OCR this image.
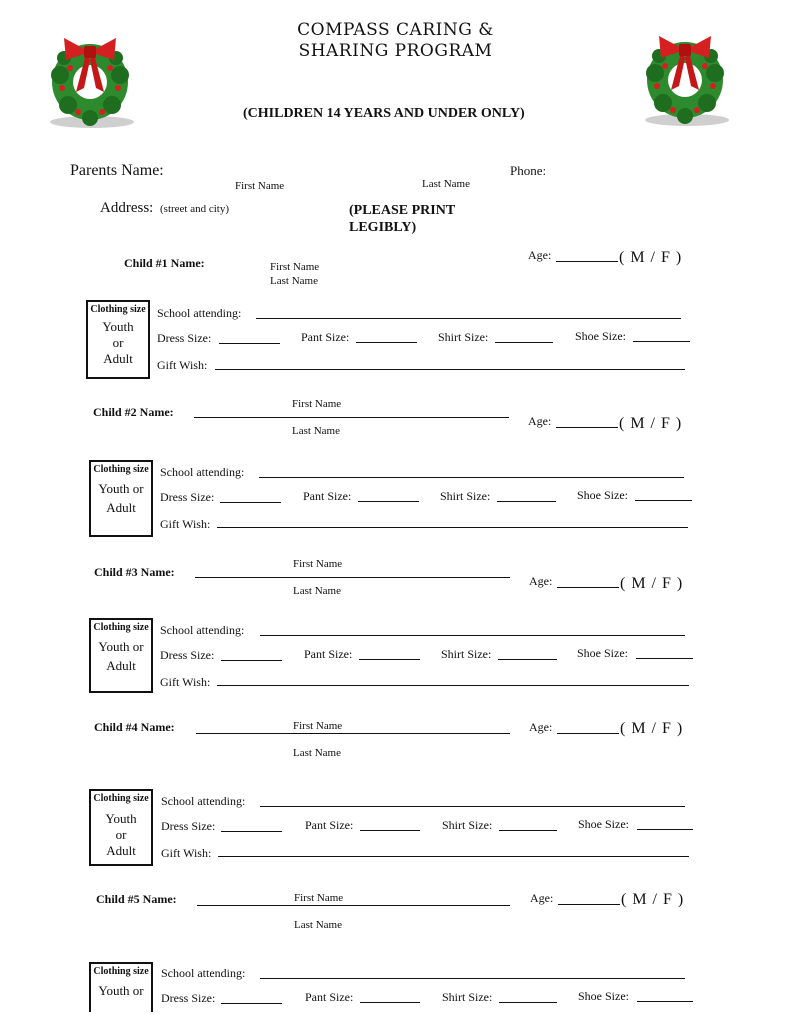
COMPASS CARING &
SHARING PROGRAM
(CHILDREN 14 YEARS AND UNDER ONLY)
Parents Name:
First Name	Last Name
Phone:
Address: (street and city)	(PLEASE PRINT
LEGIBLY)
Child #1 Name:	First Name
Last Name
Age:	( M / F )
Clothing size
Youth
or
Adult
School attending:
Dress Size:	Pant Size:	Shirt Size:	Shoe Size:
Gift Wish:
Child #2 Name:
First Name
Last Name
Age:	( M / F )
Clothing size
Youth or
Adult
School attending:
Dress Size:	Pant Size:	Shirt Size:	Shoe Size:
Gift Wish:
Child #3 Name:
First Name
Last Name
Age:	( M / F )
Clothing size
Youth or
Adult
School attending:
Dress Size:	Pant Size:	Shirt Size:	Shoe Size:
Gift Wish:
Child #4 Name:	First Name
Last Name
Age:	( M / F )
Clothing size
Youth
or
Adult
School attending:
Dress Size:	Pant Size:	Shirt Size:	Shoe Size:
Gift Wish:
Child #5 Name:	First Name
Last Name
Age:	( M / F )
Clothing size
Youth or
School attending:
Dress Size:	Pant Size:	Shirt Size:	Shoe Size:
